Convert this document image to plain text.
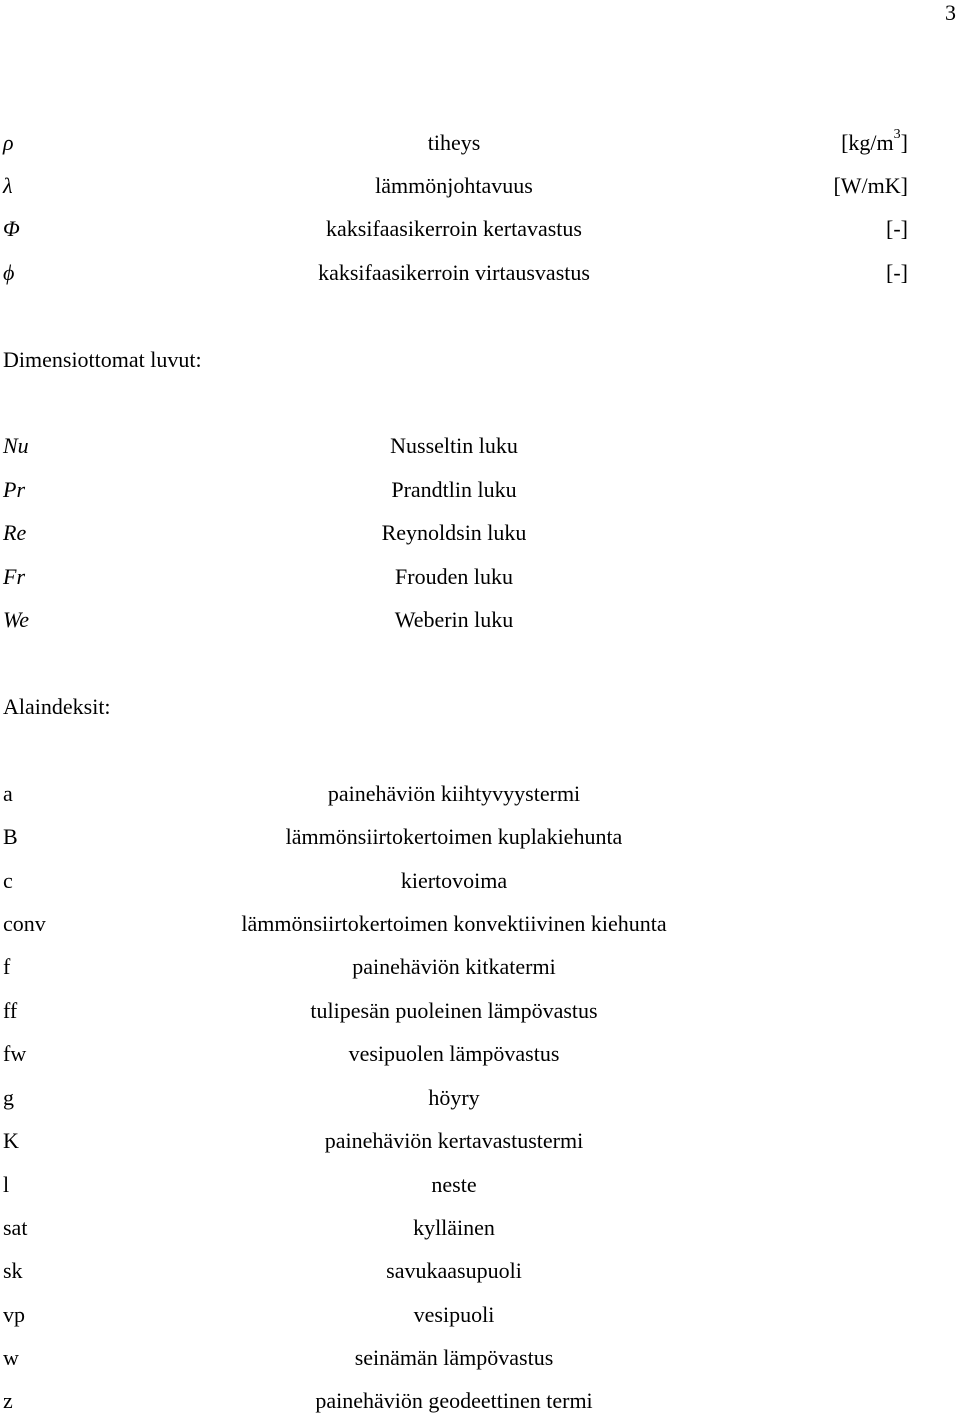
3
ρ	tiheys	$[kg/m^3]$
λ	lämmönjohtavuus	[W/mK]
Φ	kaksifaasikerroin kertavastus	[-]
ϕ	kaksifaasikerroin virtausvastus	[-]
Dimensiottomat luvut:
Nu	Nusseltin luku
Pr	Prandtlin luku
Re	Reynoldsin luku
Fr	Frouden luku
We	Weberin luku
Alaindeksit:
a	painehäviön kiihtyvyystermi
B	lämmönsiirtokertoimen kuplakiehunta
c	kiertovoima
conv	lämmönsiirtokertoimen konvektiivinen kiehunta
f	painehäviön kitkatermi
ff	tulipesän puoleinen lämpövastus
fw	vesipuolen lämpövastus
g	höyry
K	painehäviön kertavastustermi
l	neste
sat	kylläinen
sk	savukaasupuoli
vp	vesipuoli
w	seinämän lämpövastus
z	painehäviön geodeettinen termi
